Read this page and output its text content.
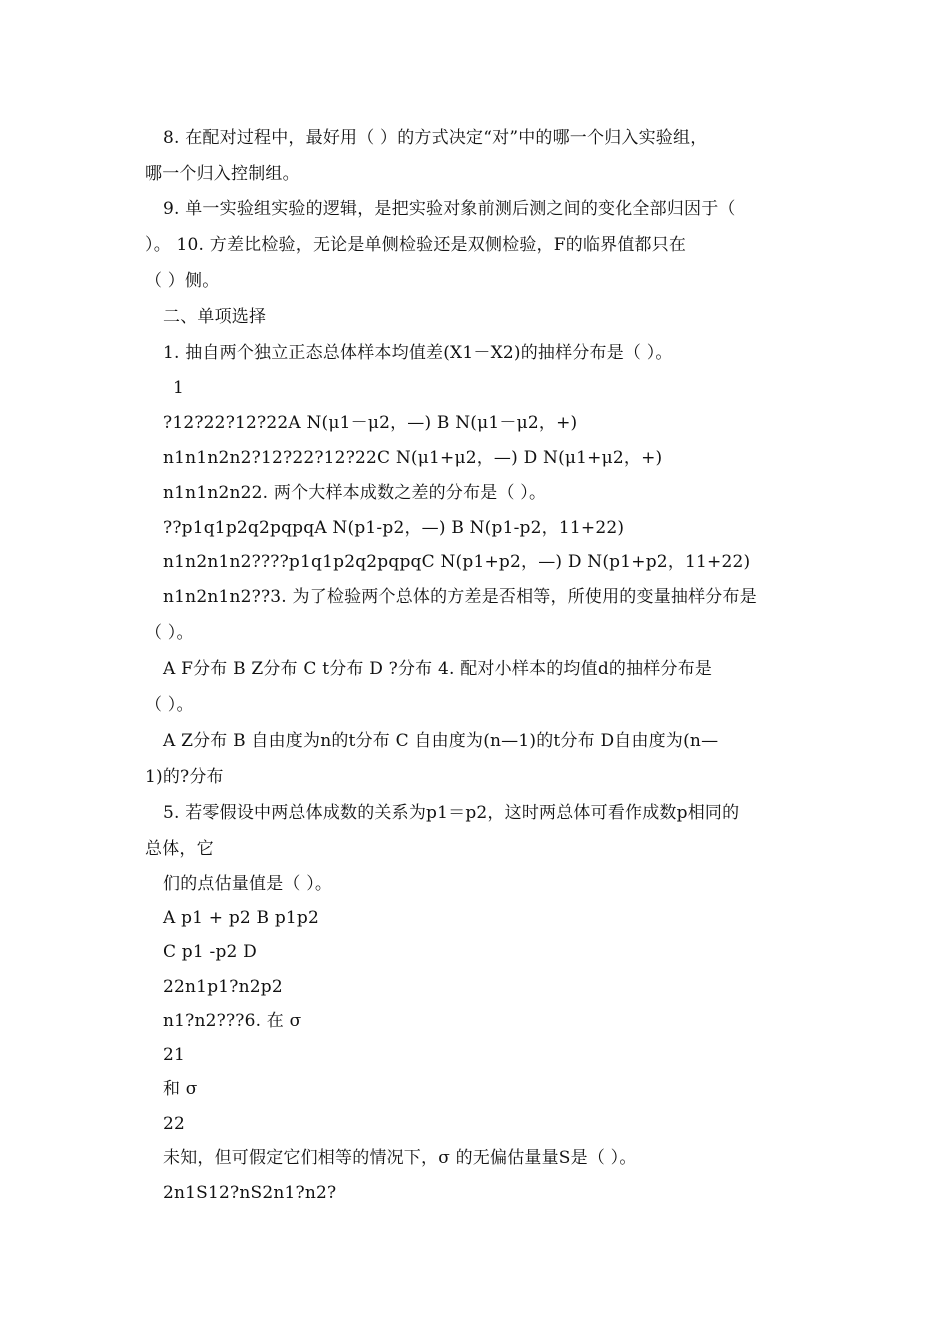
8. 在配对过程中，最好用（ ）的方式决定“对”中的哪一个归入实验组，
哪一个归入控制组。
9. 单一实验组实验的逻辑，是把实验对象前测后测之间的变化全部归因于（
）。 10. 方差比检验，无论是单侧检验还是双侧检验，F的临界值都只在
（ ）侧。
二、单项选择
1. 抽自两个独立正态总体样本均值差(X1－X2)的抽样分布是（ ）。
1
?12?22?12?22A N(μ1－μ2，—) B N(μ1－μ2，+)
n1n1n2n2?12?22?12?22C N(μ1+μ2，—) D N(μ1+μ2，+)
n1n1n2n22. 两个大样本成数之差的分布是（ ）。
??p1q1p2q2pqpqA N(p1-p2，—) B N(p1-p2，11+22)
n1n2n1n2????p1q1p2q2pqpqC N(p1+p2，—) D N(p1+p2，11+22)
n1n2n1n2??3. 为了检验两个总体的方差是否相等，所使用的变量抽样分布是
（ ）。
A F分布 B Z分布 C t分布 D ?分布 4. 配对小样本的均值d的抽样分布是
（ ）。
A Z分布 B 自由度为n的t分布 C 自由度为(n—1)的t分布 D自由度为(n—
1)的?分布
5. 若零假设中两总体成数的关系为p1＝p2，这时两总体可看作成数p相同的
总体，它
们的点估量值是（ ）。
A p1 + p2 B p1p2
C p1 -p2 D
22n1p1?n2p2
n1?n2???6. 在 σ
21
和 σ
22
未知，但可假定它们相等的情况下，σ 的无偏估量量S是（ ）。
2n1S12?nS2n1?n2?
